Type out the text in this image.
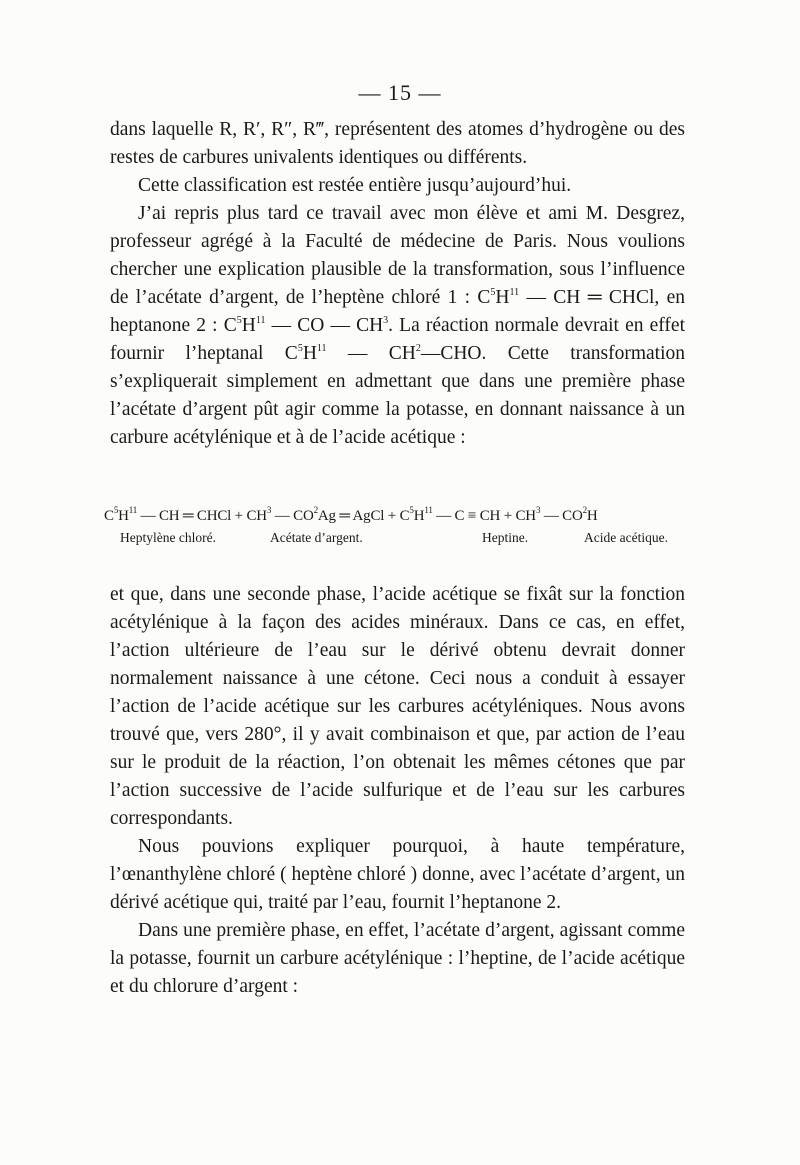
— 15 —

dans laquelle R, R′, R″, R‴, représentent des atomes d’hydrogène ou des restes de carbures univalents identiques ou différents.

Cette classification est restée entière jusqu’aujourd’hui.

J’ai repris plus tard ce travail avec mon élève et ami M. Desgrez, professeur agrégé à la Faculté de médecine de Paris. Nous voulions chercher une explication plausible de la transformation, sous l’influence de l’acétate d’argent, de l’heptène chloré 1 : $C^5H^{11}$ — CH ═ CHCl, en heptanone 2 : $C^5H^{11}$ — CO — $CH^3$. La réaction normale devrait en effet fournir l’heptanal $C^5H^{11}$ — $CH^2—CHO$. Cette transformation s’expliquerait simplement en admettant que dans une première phase l’acétate d’argent pût agir comme la potasse, en donnant naissance à un carbure acétylénique et à de l’acide acétique :

$C^5H^{11}$ — CH ═ CHCl + $CH^3$ — $CO^2Ag$ ═ AgCl + $C^5H^{11}$ — C ≡ CH + $CH^3$ — $CO^2H$
Heptylène chloré.	Acétate d’argent.	Heptine.	Acide acétique.

et que, dans une seconde phase, l’acide acétique se fixât sur la fonction acétylénique à la façon des acides minéraux. Dans ce cas, en effet, l’action ultérieure de l’eau sur le dérivé obtenu devrait donner normalement naissance à une cétone. Ceci nous a conduit à essayer l’action de l’acide acétique sur les carbures acétyléniques. Nous avons trouvé que, vers 280°, il y avait combinaison et que, par action de l’eau sur le produit de la réaction, l’on obtenait les mêmes cétones que par l’action successive de l’acide sulfurique et de l’eau sur les carbures correspondants.

Nous pouvions expliquer pourquoi, à haute température, l’œnanthylène chloré ( heptène chloré ) donne, avec l’acétate d’argent, un dérivé acétique qui, traité par l’eau, fournit l’heptanone 2.

Dans une première phase, en effet, l’acétate d’argent, agissant comme la potasse, fournit un carbure acétylénique : l’heptine, de l’acide acétique et du chlorure d’argent :
